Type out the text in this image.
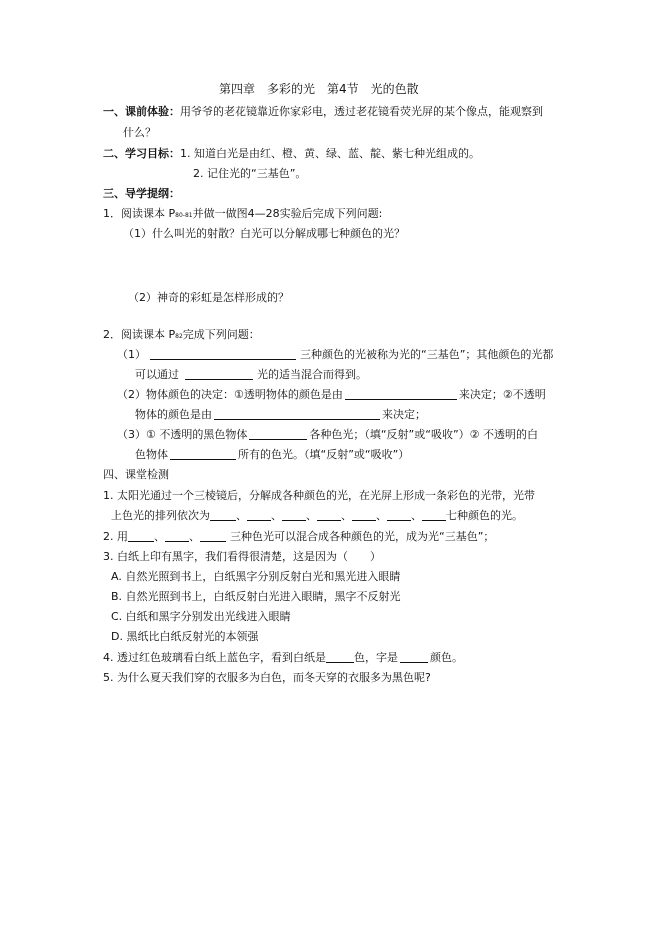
第四章　多彩的光　第4节　光的色散
一、课前体验：用爷爷的老花镜靠近你家彩电，透过老花镜看荧光屏的某个像点，能观察到
什么？
二、学习目标：1. 知道白光是由红、橙、黄、绿、蓝、靛、紫七种光组成的。
2. 记住光的“三基色”。
三、导学提纲：
1．阅读课本 P80-81并做一做图4—28实验后完成下列问题:
（1）什么叫光的射散？白光可以分解成哪七种颜色的光？
（2）神奇的彩虹是怎样形成的？
2．阅读课本 P82完成下列问题：
（1）	三种颜色的光被称为光的“三基色”；其他颜色的光都
可以通过	光的适当混合而得到。
（2）物体颜色的决定：①透明物体的颜色是由	来决定；②不透明
物体的颜色是由	来决定；
（3）① 不透明的黑色物体	各种色光；（填“反射”或“吸收”）② 不透明的白
色物体	所有的色光。（填“反射”或“吸收”）
四、课堂检测
1. 太阳光通过一个三棱镜后，分解成各种颜色的光，在光屏上形成一条彩色的光带，光带
上色光的排列依次为 、 、 、 、 、 、 七种颜色的光。
2. 用 、 、	三种色光可以混合成各种颜色的光，成为光“三基色”；
3. 白纸上印有黑字，我们看得很清楚，这是因为（　　）
A. 自然光照到书上，白纸黑字分别反射白光和黑光进入眼睛
B. 自然光照到书上，白纸反射白光进入眼睛，黑字不反射光
C. 白纸和黑字分别发出光线进入眼睛
D. 黑纸比白纸反射光的本领强
4. 透过红色玻璃看白纸上蓝色字，看到白纸是	色，字是	颜色。
5. 为什么夏天我们穿的衣服多为白色，而冬天穿的衣服多为黑色呢?
